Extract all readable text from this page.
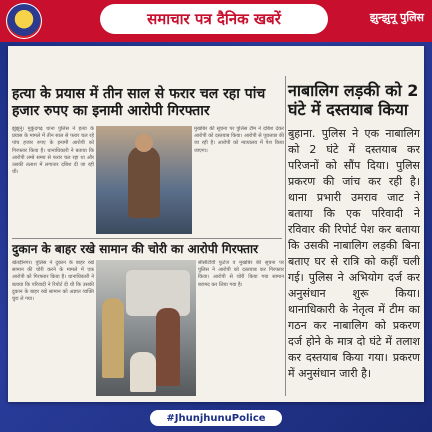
समाचार पत्र दैनिक खबरें	झुन्झुनू पुलिस
हत्या के प्रयास में तीन साल से फरार चल रहा पांच हजार रुपए का इनामी आरोपी गिरफ्तार
झुंझुनूं। मुकुंदगढ़ थाना पुलिस ने हत्या के प्रयास के मामले में तीन साल से फरार चल रहे पांच हजार रुपए के इनामी आरोपी को गिरफ्तार किया है। थानाधिकारी ने बताया कि आरोपी लम्बे समय से फरार चल रहा था और उसकी तलाश में लगातार दबिश दी जा रही थी।
मुखबिर की सूचना पर पुलिस टीम ने दबिश देकर आरोपी को दस्तयाब किया। आरोपी से पूछताछ की जा रही है। आरोपी को न्यायालय में पेश किया जाएगा।
दुकान के बाहर रखे सामान की चोरी का आरोपी गिरफ्तार
खेतड़ीनगर। पुलिस ने दुकान के बाहर रखे सामान की चोरी करने के मामले में एक आरोपी को गिरफ्तार किया है। थानाधिकारी ने बताया कि परिवादी ने रिपोर्ट दी थी कि उसकी दुकान के बाहर रखे सामान को अज्ञात व्यक्ति चुरा ले गया।
सीसीटीवी फुटेज व मुखबिर की सूचना पर पुलिस ने आरोपी को दस्तयाब कर गिरफ्तार किया। आरोपी से चोरी किया गया सामान बरामद कर लिया गया है।
नाबालिग लड़की को 2 घंटे में दस्तयाब किया
बुहाना. पुलिस ने एक नाबालिग को 2 घंटे में दस्तयाब कर परिजनों को सौंप दिया। पुलिस प्रकरण की जांच कर रही है। थाना प्रभारी उमराव जाट ने बताया कि एक परिवादी ने रविवार की रिपोर्ट पेश कर बताया कि उसकी नाबालिग लड़की बिना बताए घर से रात्रि को कहीं चली गई। पुलिस ने अभियोग दर्ज कर अनुसंधान शुरू किया। थानाधिकारी के नेतृत्व में टीम का गठन कर नाबालिग को प्रकरण दर्ज होने के मात्र दो घंटे में तलाश कर दस्तयाब किया गया। प्रकरण में अनुसंधान जारी है।
#JhunjhunuPolice
